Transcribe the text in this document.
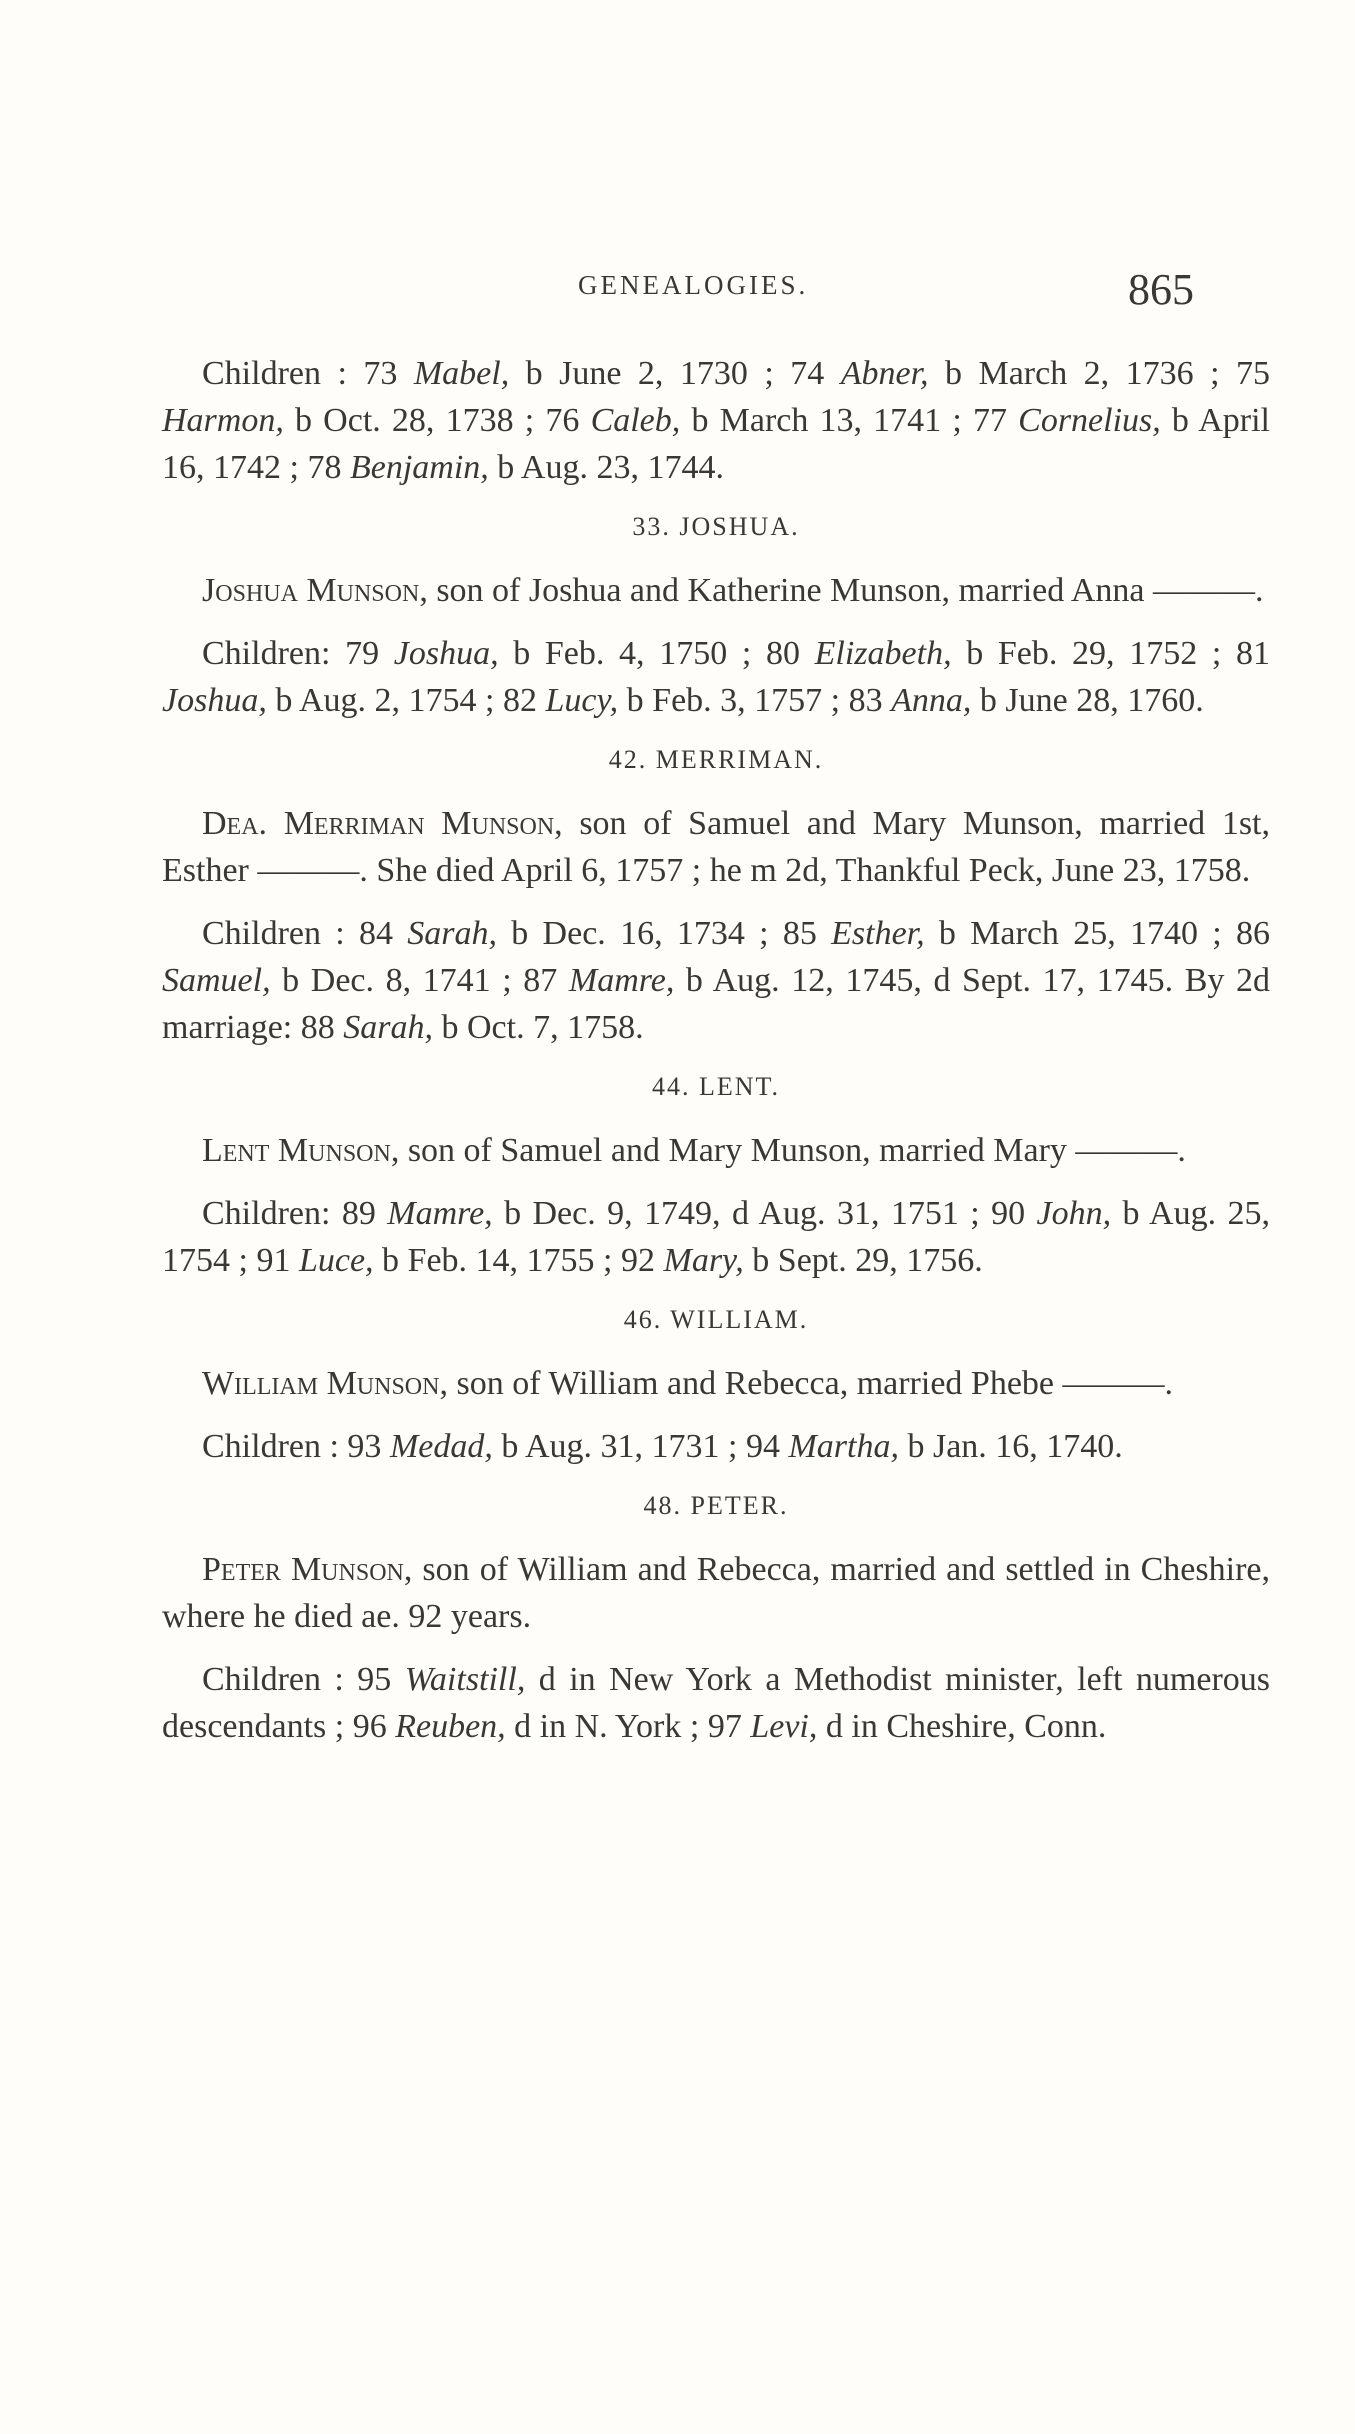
GENEALOGIES.	865

Children : 73 Mabel, b June 2, 1730 ; 74 Abner, b March 2, 1736 ; 75 Harmon, b Oct. 28, 1738 ; 76 Caleb, b March 13, 1741 ; 77 Cornelius, b April 16, 1742 ; 78 Benjamin, b Aug. 23, 1744.

33. JOSHUA.

Joshua Munson, son of Joshua and Katherine Munson, married Anna ———.

Children: 79 Joshua, b Feb. 4, 1750 ; 80 Elizabeth, b Feb. 29, 1752 ; 81 Joshua, b Aug. 2, 1754 ; 82 Lucy, b Feb. 3, 1757 ; 83 Anna, b June 28, 1760.

42. MERRIMAN.

Dea. Merriman Munson, son of Samuel and Mary Munson, married 1st, Esther ———. She died April 6, 1757 ; he m 2d, Thankful Peck, June 23, 1758.

Children : 84 Sarah, b Dec. 16, 1734 ; 85 Esther, b March 25, 1740 ; 86 Samuel, b Dec. 8, 1741 ; 87 Mamre, b Aug. 12, 1745, d Sept. 17, 1745. By 2d marriage: 88 Sarah, b Oct. 7, 1758.

44. LENT.

Lent Munson, son of Samuel and Mary Munson, married Mary ———.

Children: 89 Mamre, b Dec. 9, 1749, d Aug. 31, 1751 ; 90 John, b Aug. 25, 1754 ; 91 Luce, b Feb. 14, 1755 ; 92 Mary, b Sept. 29, 1756.

46. WILLIAM.

William Munson, son of William and Rebecca, married Phebe ———.

Children : 93 Medad, b Aug. 31, 1731 ; 94 Martha, b Jan. 16, 1740.

48. PETER.

Peter Munson, son of William and Rebecca, married and settled in Cheshire, where he died ae. 92 years.

Children : 95 Waitstill, d in New York a Methodist minister, left numerous descendants ; 96 Reuben, d in N. York ; 97 Levi, d in Cheshire, Conn.
